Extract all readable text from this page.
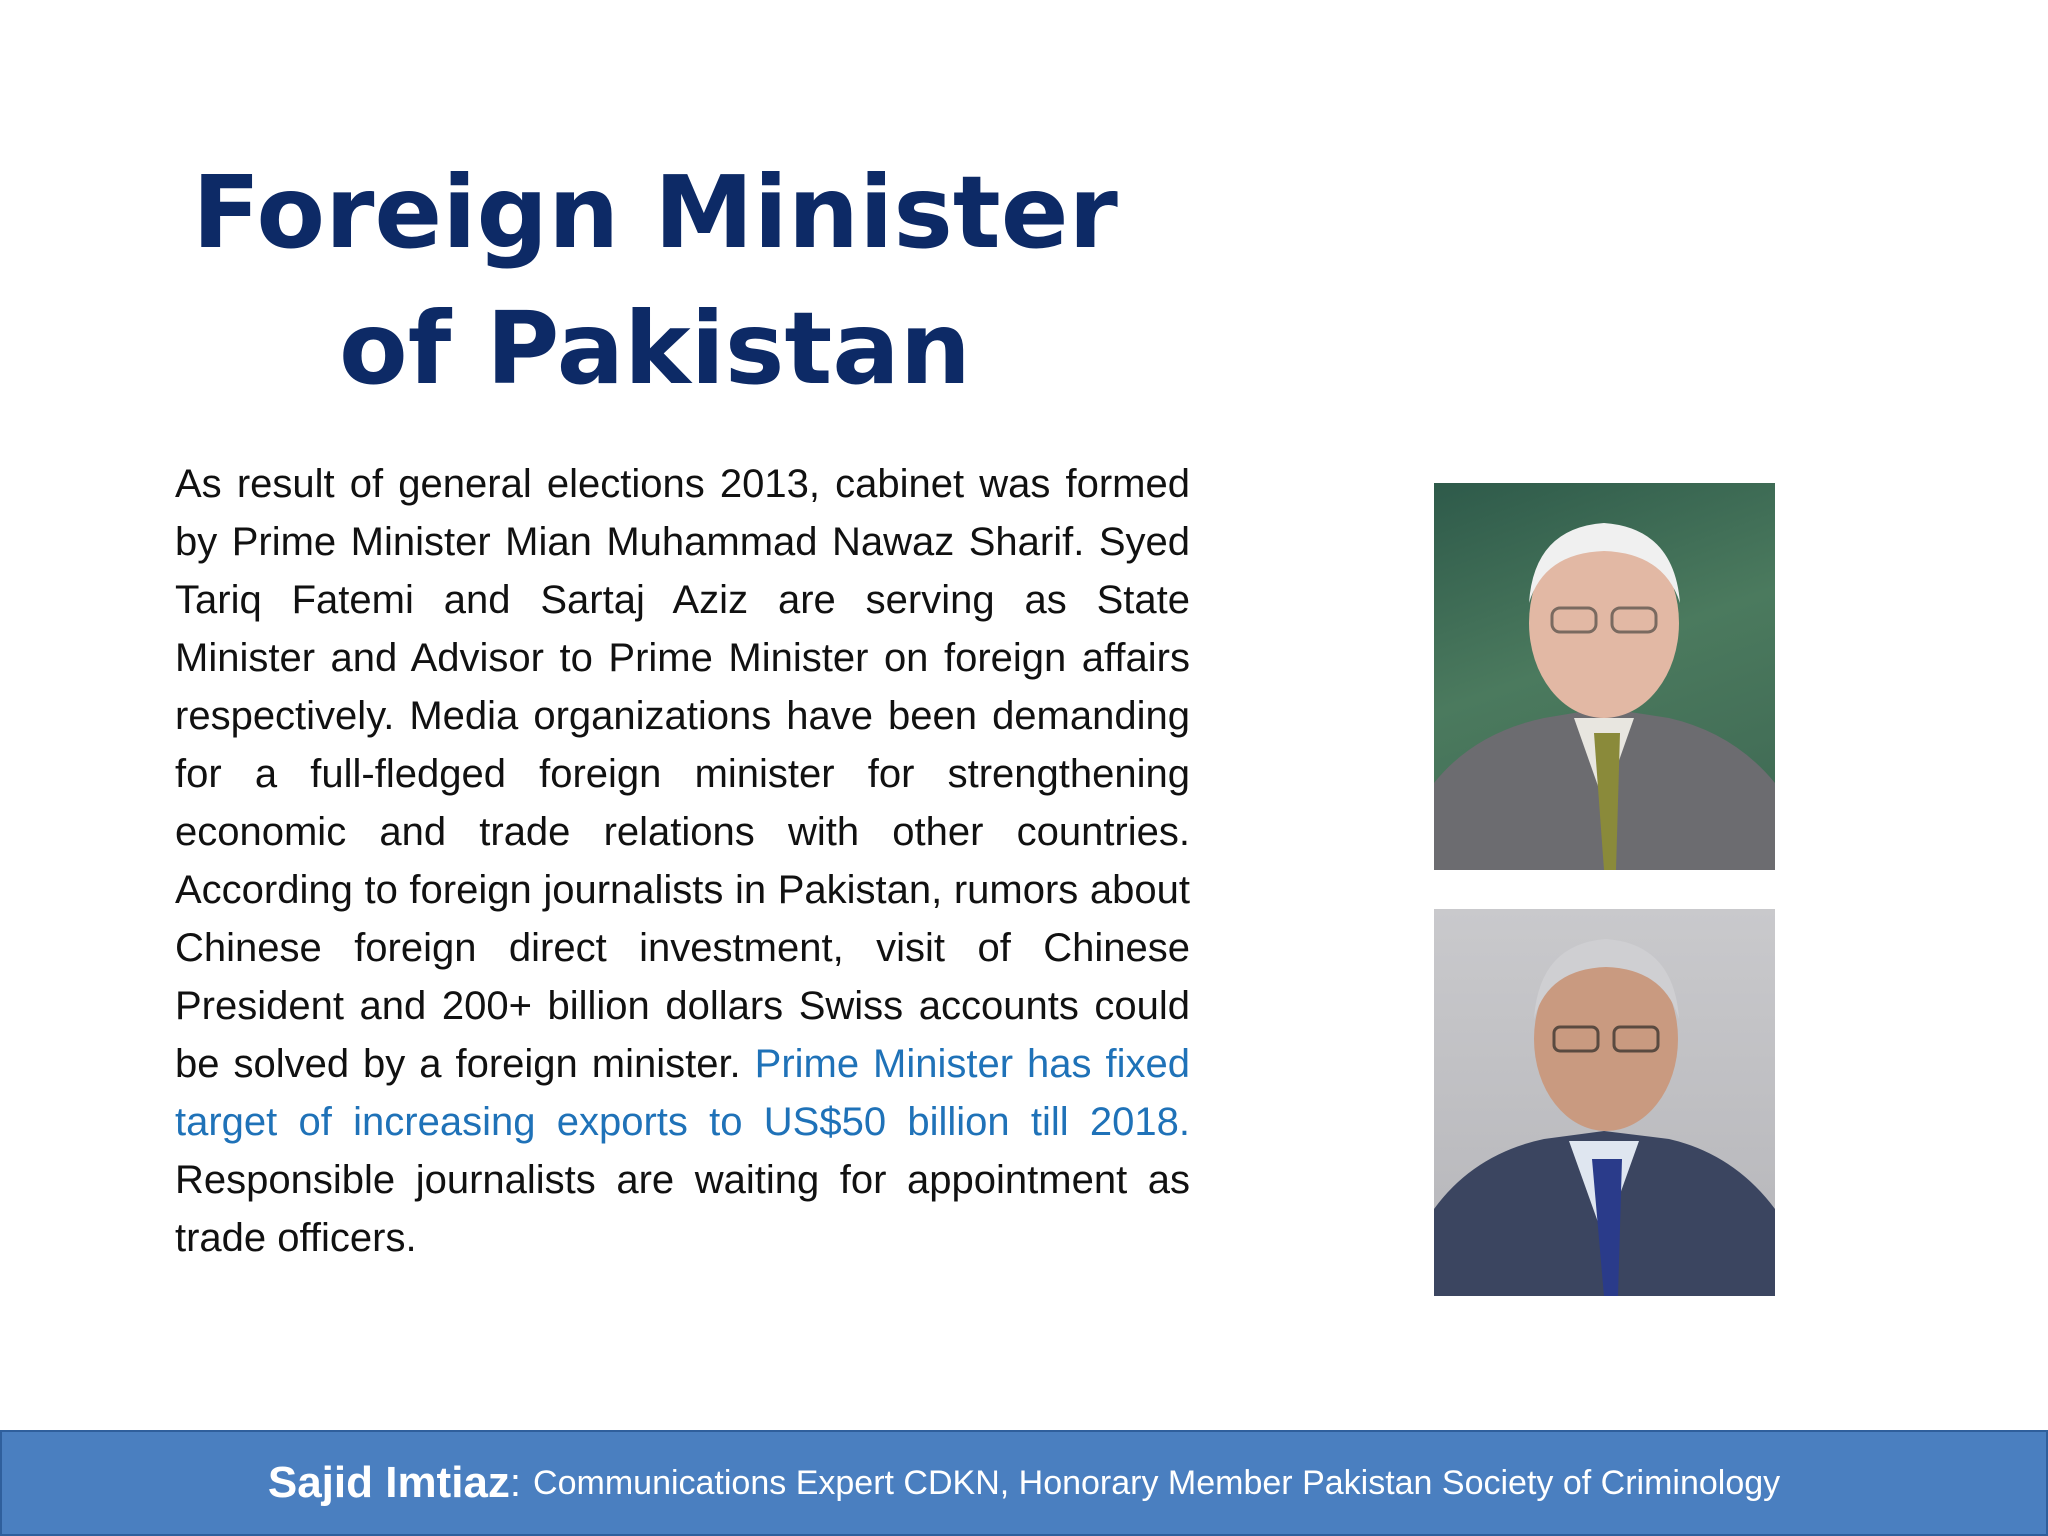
Foreign Minister
of Pakistan
As result of general elections 2013, cabinet was formed by Prime Minister Mian Muhammad Nawaz Sharif. Syed Tariq Fatemi and Sartaj Aziz are serving as State Minister and Advisor to Prime Minister on foreign affairs respectively. Media organizations have been demanding for a full-fledged foreign minister for strengthening economic and trade relations with other countries. According to foreign journalists in Pakistan, rumors about Chinese foreign direct investment, visit of Chinese President and 200+ billion dollars Swiss accounts could be solved by a foreign minister. Prime Minister has fixed target of increasing exports to US$50 billion till 2018. Responsible journalists are waiting for appointment as trade officers.
Sajid Imtiaz : Communications Expert CDKN, Honorary Member Pakistan Society of Criminology
